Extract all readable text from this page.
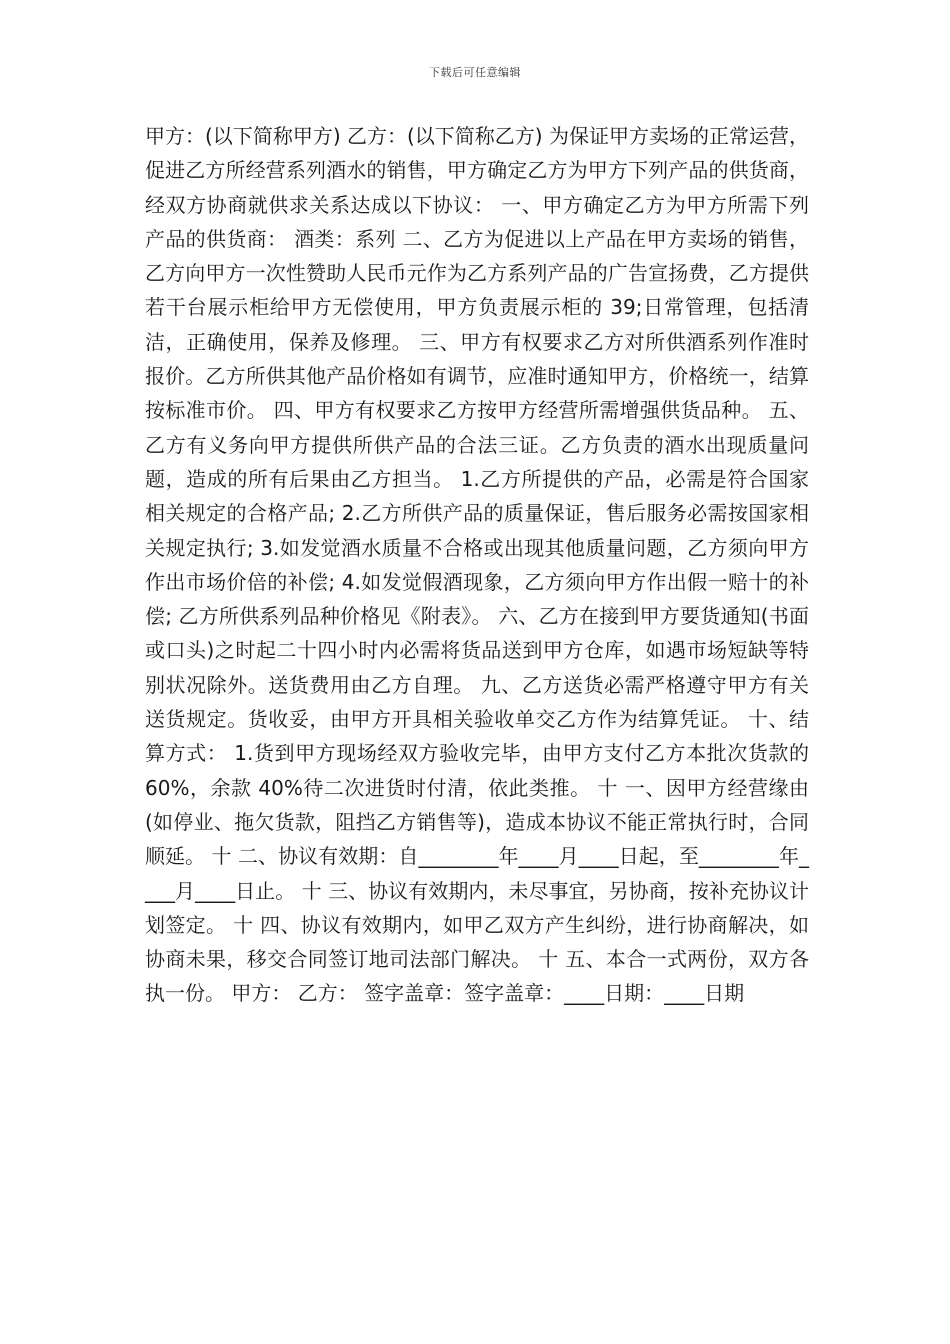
下载后可任意编辑

甲方：(以下简称甲方) 乙方：(以下简称乙方) 为保证甲方卖场的正常运营，促进乙方所经营系列酒水的销售，甲方确定乙方为甲方下列产品的供货商，经双方协商就供求关系达成以下协议： 一、甲方确定乙方为甲方所需下列产品的供货商： 酒类：系列 二、乙方为促进以上产品在甲方卖场的销售，乙方向甲方一次性赞助人民币元作为乙方系列产品的广告宣扬费，乙方提供若干台展示柜给甲方无偿使用，甲方负责展示柜的 39;日常管理，包括清洁，正确使用，保养及修理。 三、甲方有权要求乙方对所供酒系列作准时报价。乙方所供其他产品价格如有调节，应准时通知甲方，价格统一，结算按标准市价。 四、甲方有权要求乙方按甲方经营所需增强供货品种。 五、乙方有义务向甲方提供所供产品的合法三证。乙方负责的酒水出现质量问题，造成的所有后果由乙方担当。 1.乙方所提供的产品，必需是符合国家相关规定的合格产品; 2.乙方所供产品的质量保证，售后服务必需按国家相关规定执行; 3.如发觉酒水质量不合格或出现其他质量问题，乙方须向甲方作出市场价倍的补偿; 4.如发觉假酒现象，乙方须向甲方作出假一赔十的补偿; 乙方所供系列品种价格见《附表》。 六、乙方在接到甲方要货通知(书面或口头)之时起二十四小时内必需将货品送到甲方仓库，如遇市场短缺等特别状况除外。送货费用由乙方自理。 九、乙方送货必需严格遵守甲方有关送货规定。货收妥，由甲方开具相关验收单交乙方作为结算凭证。 十、结算方式： 1.货到甲方现场经双方验收完毕，由甲方支付乙方本批次货款的 60%，余款 40%待二次进货时付清，依此类推。 十 一、因甲方经营缘由(如停业、拖欠货款，阻挡乙方销售等)，造成本协议不能正常执行时，合同顺延。 十 二、协议有效期：自________年____月____日起，至________年____月____日止。 十 三、协议有效期内，未尽事宜，另协商，按补充协议计划签定。 十 四、协议有效期内，如甲乙双方产生纠纷，进行协商解决，如协商未果，移交合同签订地司法部门解决。 十 五、本合一式两份，双方各执一份。 甲方： 乙方： 签字盖章：签字盖章：____日期：____日期
